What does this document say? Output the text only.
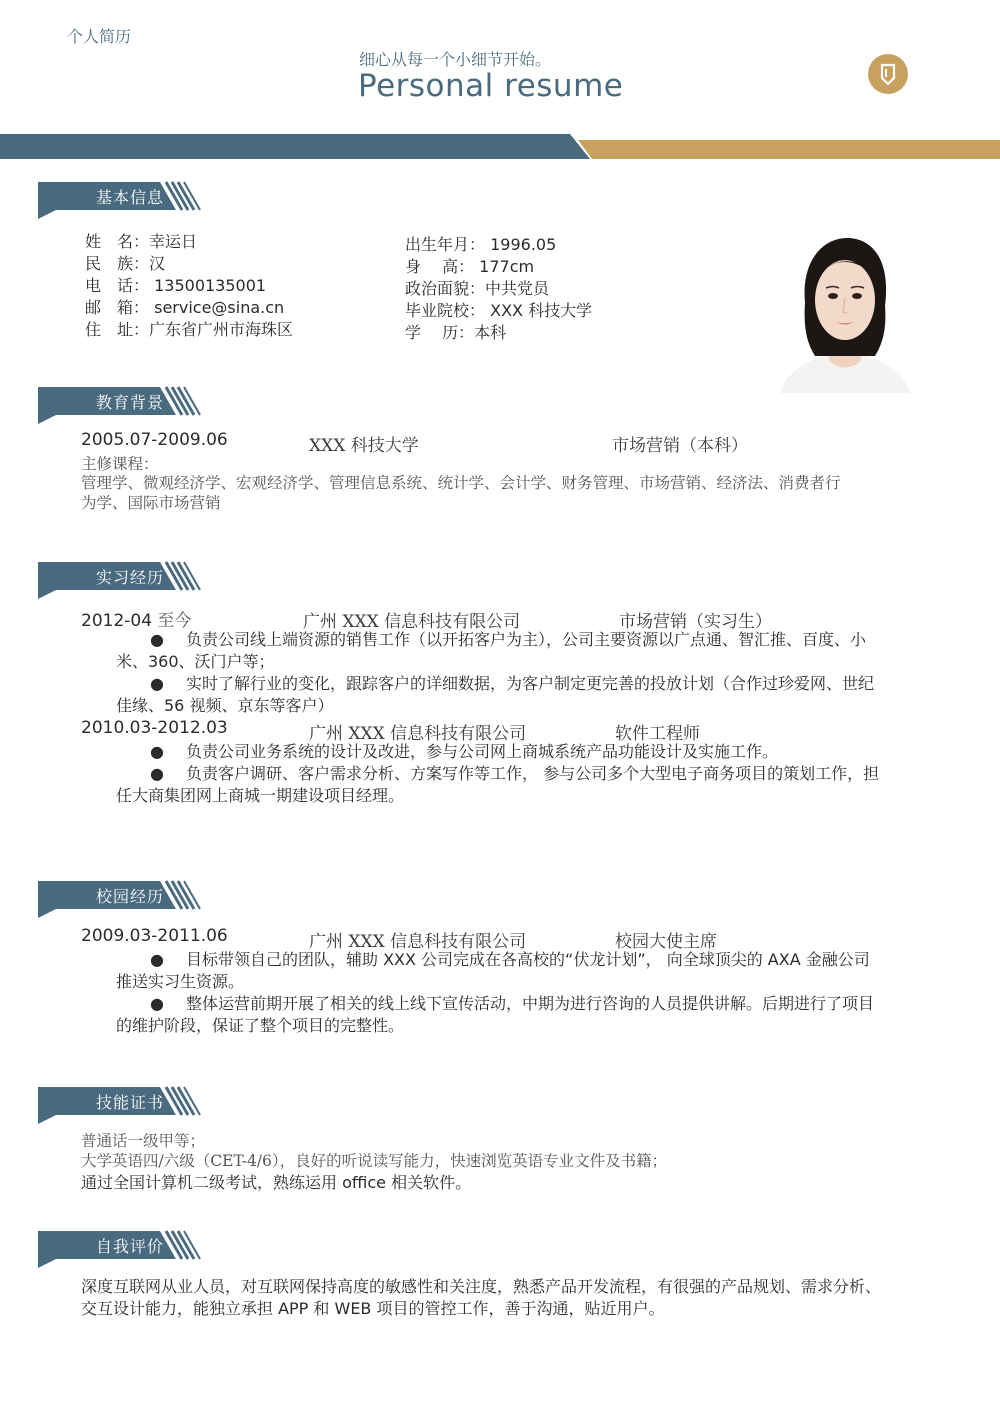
个人简历
细心从每一个小细节开始。
Personal resume
基本信息
姓　名：幸运日
民　族：汉
电　话： 13500135001
邮　箱： service@sina.cn
住　址：广东省广州市海珠区
出生年月： 1996.05
身　 高： 177cm
政治面貌：中共党员
毕业院校： XXX 科技大学
学　 历：本科
教育背景
2005.07-2009.06	XXX 科技大学	市场营销（本科）
主修课程：
管理学、微观经济学、宏观经济学、管理信息系统、统计学、会计学、财务管理、市场营销、经济法、消费者行
为学、国际市场营销
实习经历
2012-04 至今	广州 XXX 信息科技有限公司	市场营销（实习生）
● 负责公司线上端资源的销售工作（以开拓客户为主），公司主要资源以广点通、智汇推、百度、小
米、360、沃门户等；
● 实时了解行业的变化，跟踪客户的详细数据，为客户制定更完善的投放计划（合作过珍爱网、世纪
佳缘、56 视频、京东等客户）
2010.03-2012.03	广州 XXX 信息科技有限公司	软件工程师
● 负责公司业务系统的设计及改进，参与公司网上商城系统产品功能设计及实施工作。
● 负责客户调研、客户需求分析、方案写作等工作， 参与公司多个大型电子商务项目的策划工作，担
任大商集团网上商城一期建设项目经理。
校园经历
2009.03-2011.06	广州 XXX 信息科技有限公司	校园大使主席
● 目标带领自己的团队，辅助 XXX 公司完成在各高校的“伏龙计划”， 向全球顶尖的 AXA 金融公司
推送实习生资源。
● 整体运营前期开展了相关的线上线下宣传活动，中期为进行咨询的人员提供讲解。后期进行了项目
的维护阶段，保证了整个项目的完整性。
技能证书
普通话一级甲等；
大学英语四/六级（CET-4/6），良好的听说读写能力，快速浏览英语专业文件及书籍；
通过全国计算机二级考试，熟练运用 office 相关软件。
自我评价
深度互联网从业人员，对互联网保持高度的敏感性和关注度，熟悉产品开发流程，有很强的产品规划、需求分析、
交互设计能力，能独立承担 APP 和 WEB 项目的管控工作，善于沟通，贴近用户。
